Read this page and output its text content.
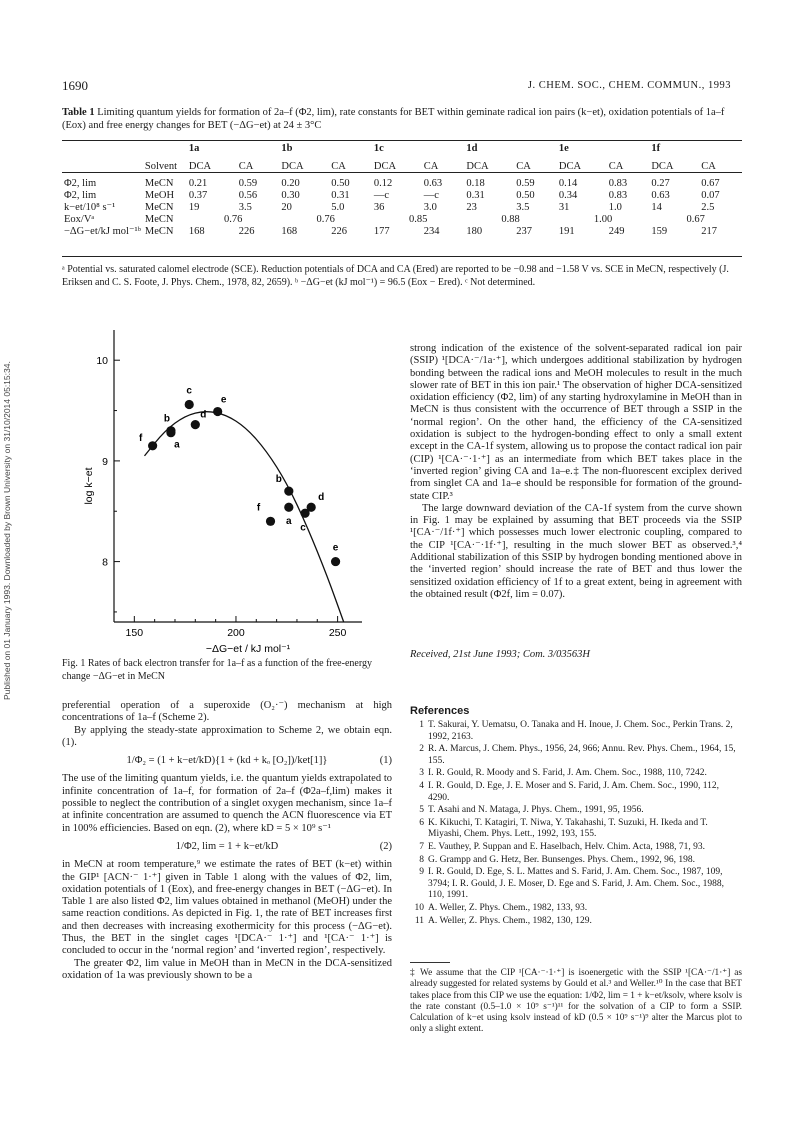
Published on 01 January 1993. Downloaded by Brown University on 31/10/2014 05:15:34.
1690	J. CHEM. SOC., CHEM. COMMUN., 1993
Table 1 Limiting quantum yields for formation of 2a–f (Φ2, lim), rate constants for BET within geminate radical ion pairs (k−et), oxidation potentials of 1a–f (Eox) and free energy changes for BET (−ΔG−et) at 24 ± 3°C
		1a		1b		1c		1d		1e		1f	

	Solvent	DCA	CA	DCA	CA	DCA	CA	DCA	CA	DCA	CA	DCA	CA

Φ2, lim	MeCN	0.21	0.59	0.20	0.50	0.12	0.63	0.18	0.59	0.14	0.83	0.27	0.67
Φ2, lim	MeOH	0.37	0.56	0.30	0.31	—c	—c	0.31	0.50	0.34	0.83	0.63	0.07
k−et/10⁸ s⁻¹	MeCN	19	3.5	20	5.0	36	3.0	23	3.5	31	1.0	14	2.5
Eox/Vᵃ	MeCN	0.76		0.76		0.85		0.88		1.00		0.67	
−ΔG−et/kJ mol⁻¹ᵇ	MeCN	168	226	168	226	177	234	180	237	191	249	159	217
ᵃ Potential vs. saturated calomel electrode (SCE). Reduction potentials of DCA and CA (Ered) are reported to be −0.98 and −1.58 V vs. SCE in MeCN, respectively (J. Eriksen and C. S. Foote, J. Phys. Chem., 1978, 82, 2659). ᵇ −ΔG−et (kJ mol⁻¹) = 96.5 (Eox − Ered). ᶜ Not determined.
150	200	250
8
9
10
a
b
c
d
e
f
a
b
c
d
e
f
−ΔG−et / kJ mol⁻¹
log k−et
Fig. 1 Rates of back electron transfer for 1a–f as a function of the free-energy change −ΔG−et in MeCN
strong indication of the existence of the solvent-separated radical ion pair (SSIP) ¹[DCA·⁻/1a·⁺], which undergoes additional stabilization by hydrogen bonding between the radical ions and MeOH molecules to result in the much slower rate of BET in this ion pair.¹ The observation of higher DCA-sensitized oxidation efficiency (Φ2, lim) of any starting hydroxylamine in MeOH than in MeCN is thus consistent with the occurrence of BET through a SSIP in the ‘normal region’. On the other hand, the efficiency of the CA-sensitized oxidation is subject to the hydrogen-bonding effect to only a small extent except in the CA-1f system, allowing us to propose the contact radical ion pair (CIP) ¹[CA·⁻·1·⁺] as an intermediate from which BET takes place in the ‘inverted region’ giving CA and 1a–e.‡ The non-fluorescent exciplex derived from singlet CA and 1a–e should be responsible for formation of the ground-state CIP.³
The large downward deviation of the CA-1f system from the curve shown in Fig. 1 may be explained by assuming that BET proceeds via the SSIP ¹[CA·⁻/1f·⁺] which possesses much lower electronic coupling, compared to the CIP ¹[CA·⁻·1f·⁺], resulting in the much slower BET as observed.³,⁴ Additional stabilization of this SSIP by hydrogen bonding mentioned above in the ‘inverted region’ should increase the rate of BET and thus lower the sensitized oxidation efficiency of 1f to a great extent, being in agreement with the obtained result (Φ2f, lim = 0.07).
Received, 21st June 1993; Com. 3/03563H

preferential operation of a superoxide (O₂·⁻) mechanism at high concentrations of 1a–f (Scheme 2).

By applying the steady-state approximation to Scheme 2, we obtain eqn. (1).

1/Φ₂ = (1 + k−et/kD){1 + (kd + kₒ [O₂])/ket[1]}	(1)

The use of the limiting quantum yields, i.e. the quantum yields extrapolated to infinite concentration of 1a–f, for formation of 2a–f (Φ2a–f,lim) makes it possible to neglect the contribution of a singlet oxygen mechanism, since 1a–f at infinite concentration are assumed to quench the ACN fluorescence via ET in 100% efficiencies. Based on eqn. (2), where kD = 5 × 10⁹ s⁻¹

1/Φ2, lim = 1 + k−et/kD	(2)

in MeCN at room temperature,⁹ we estimate the rates of BET (k−et) within the GIP¹ [ACN·⁻ 1·⁺] given in Table 1 along with the values of Φ2, lim, oxidation potentials of 1 (Eox), and free-energy changes in BET (−ΔG−et). In Table 1 are also listed Φ2, lim values obtained in methanol (MeOH) under the same reaction conditions. As depicted in Fig. 1, the rate of BET increases first and then decreases with increasing exothermicity for this process (−ΔG−et). Thus, the BET in the singlet cages ¹[DCA·⁻ 1·⁺] and ¹[CA·⁻ 1·⁺] is concluded to occur in the ‘normal region’ and ‘inverted region’, respectively.

The greater Φ2, lim value in MeOH than in MeCN in the DCA-sensitized oxidation of 1a was previously shown to be a

References
1 T. Sakurai, Y. Uematsu, O. Tanaka and H. Inoue, J. Chem. Soc., Perkin Trans. 2, 1992, 2163.
2 R. A. Marcus, J. Chem. Phys., 1956, 24, 966; Annu. Rev. Phys. Chem., 1964, 15, 155.
3 I. R. Gould, R. Moody and S. Farid, J. Am. Chem. Soc., 1988, 110, 7242.
4 I. R. Gould, D. Ege, J. E. Moser and S. Farid, J. Am. Chem. Soc., 1990, 112, 4290.
5 T. Asahi and N. Mataga, J. Phys. Chem., 1991, 95, 1956.
6 K. Kikuchi, T. Katagiri, T. Niwa, Y. Takahashi, T. Suzuki, H. Ikeda and T. Miyashi, Chem. Phys. Lett., 1992, 193, 155.
7 E. Vauthey, P. Suppan and E. Haselbach, Helv. Chim. Acta, 1988, 71, 93.
8 G. Grampp and G. Hetz, Ber. Bunsenges. Phys. Chem., 1992, 96, 198.
9 I. R. Gould, D. Ege, S. L. Mattes and S. Farid, J. Am. Chem. Soc., 1987, 109, 3794; I. R. Gould, J. E. Moser, D. Ege and S. Farid, J. Am. Chem. Soc., 1988, 110, 1991.
10 A. Weller, Z. Phys. Chem., 1982, 133, 93.
11 A. Weller, Z. Phys. Chem., 1982, 130, 129.
‡ We assume that the CIP ¹[CA·⁻·1·⁺] is isoenergetic with the SSIP ¹[CA·⁻/1·⁺] as already suggested for related systems by Gould et al.³ and Weller.¹⁰ In the case that BET takes place from this CIP we use the equation: 1/Φ2, lim = 1 + k−et/ksolv, where ksolv is the rate constant (0.5–1.0 × 10⁹ s⁻¹)¹¹ for the solvation of a CIP to form a SSIP. Calculation of k−et using ksolv instead of kD (0.5 × 10⁹ s⁻¹)⁹ alter the Marcus plot to only a slight extent.
